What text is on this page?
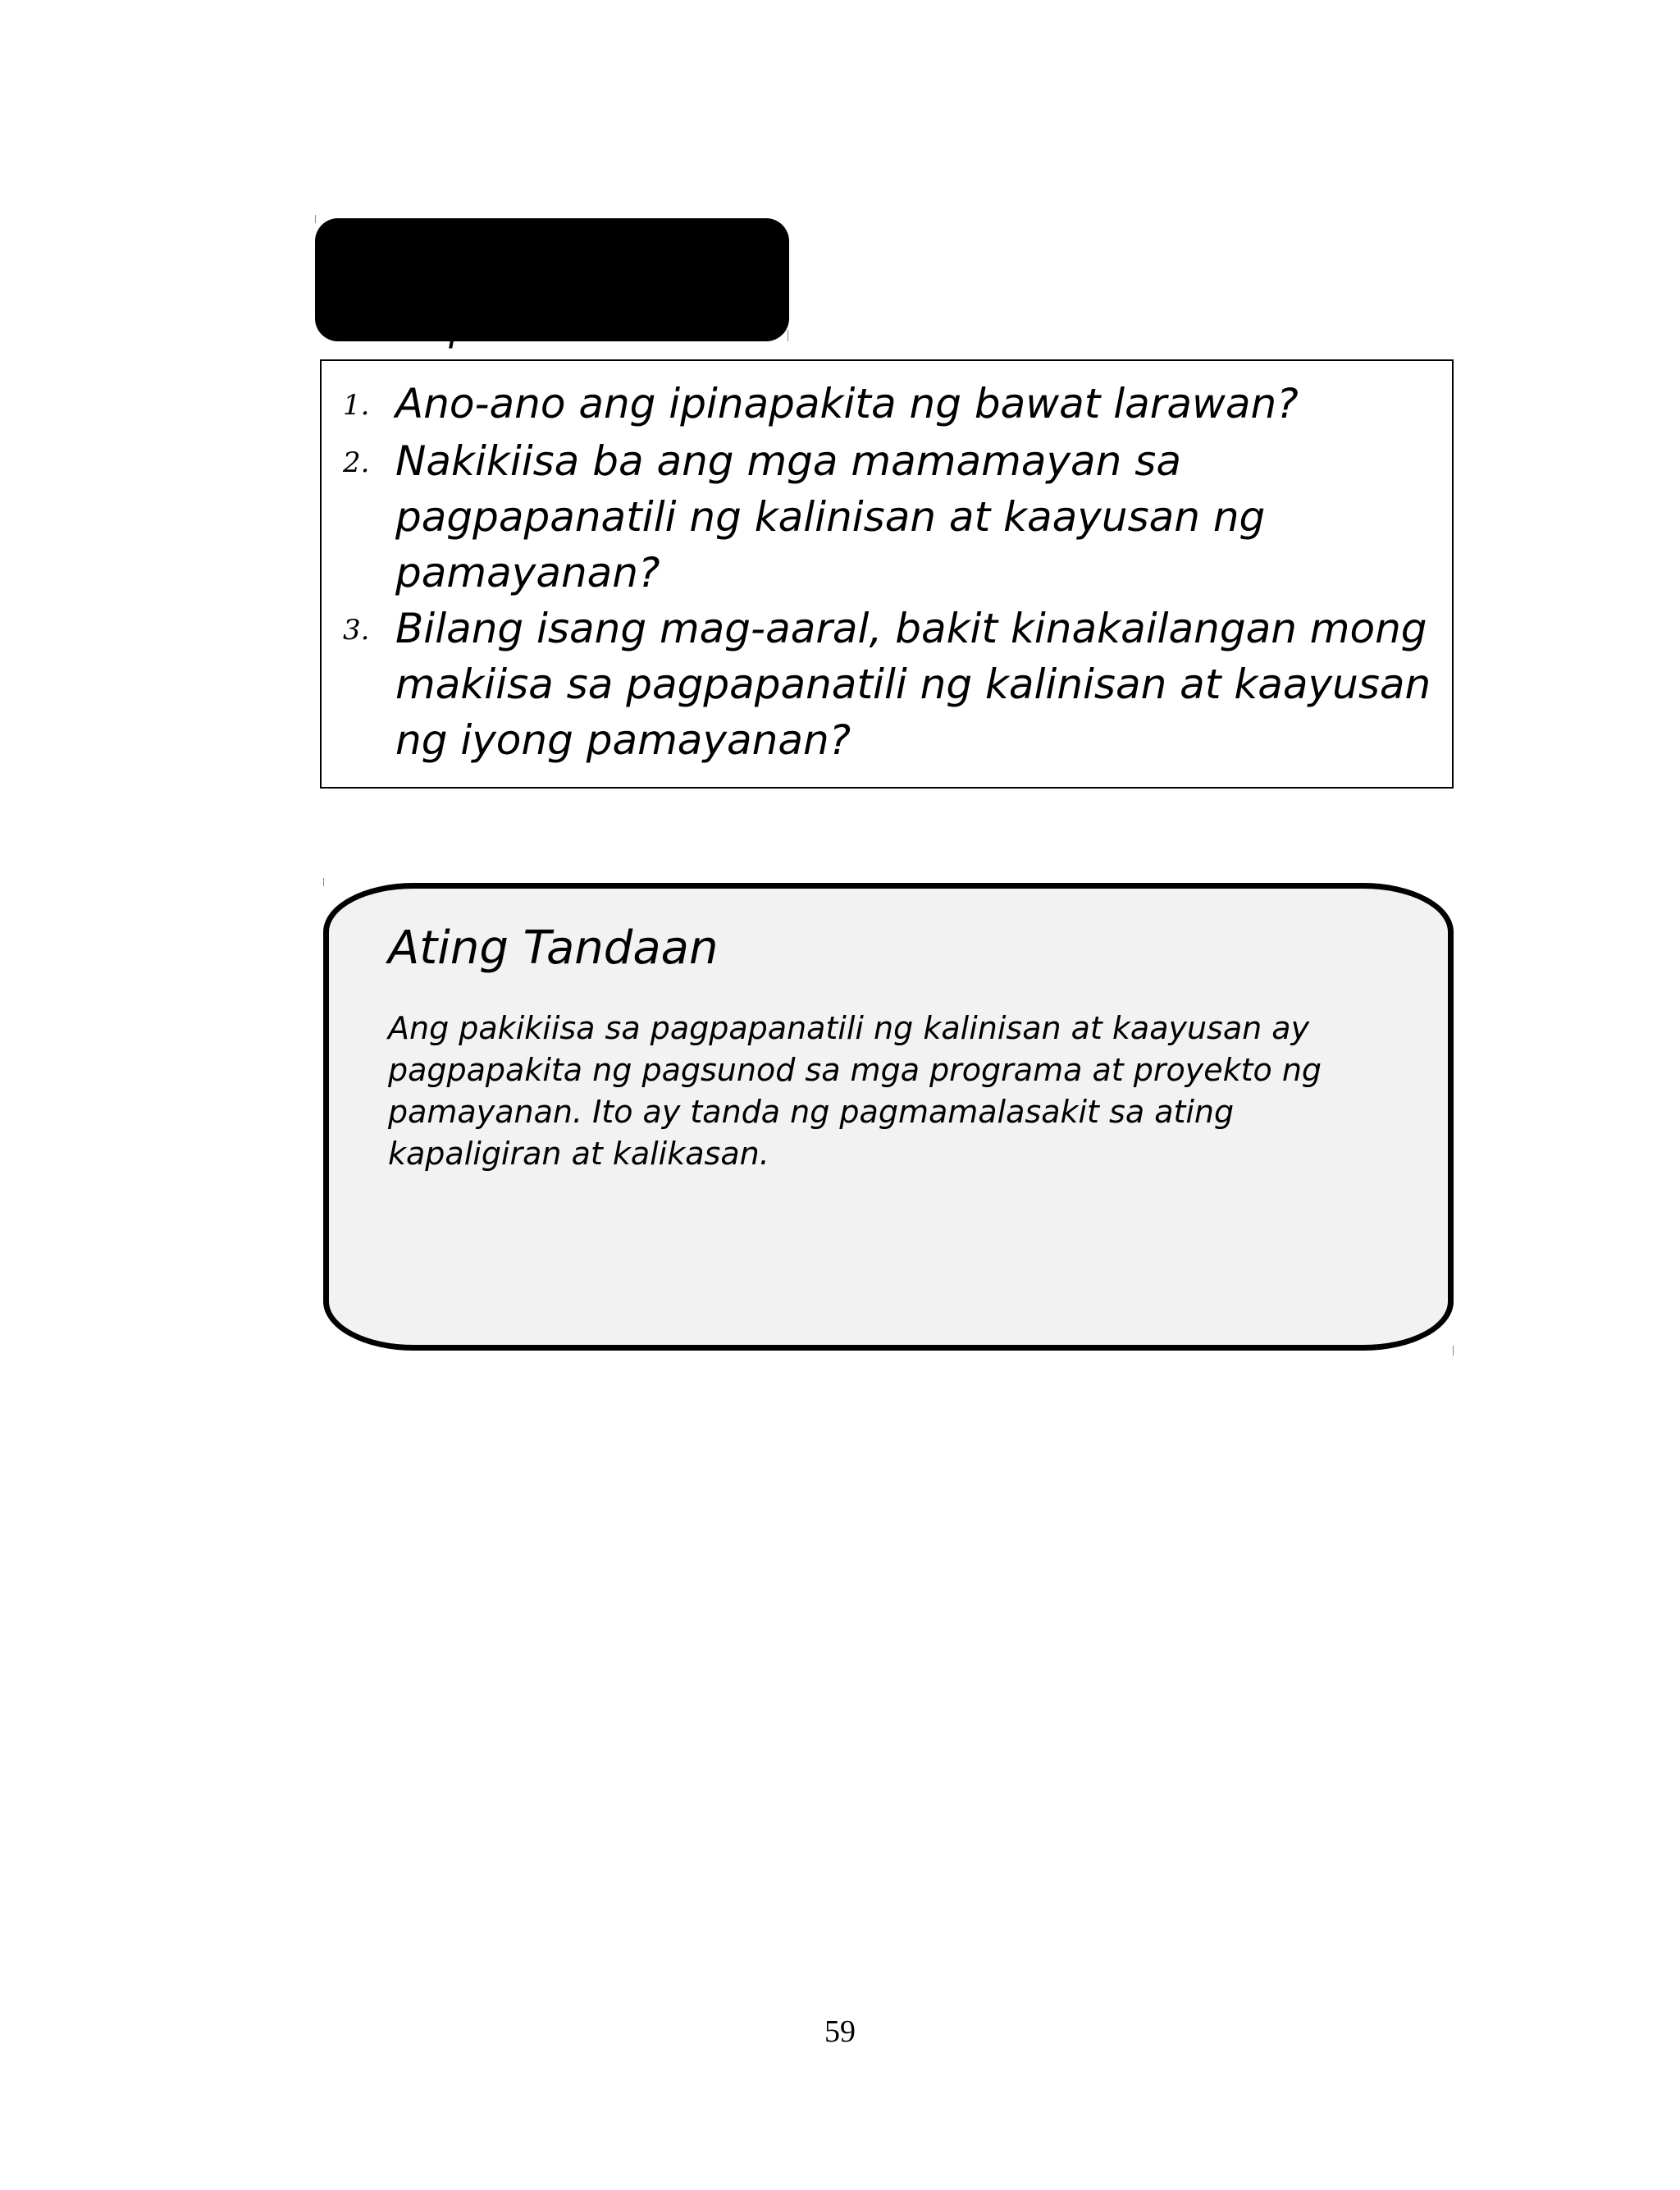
Isaisip
1. Ano-ano ang ipinapakita ng bawat larawan?
2. Nakikiisa ba ang mga mamamayan sa pagpapanatili ng kalinisan at kaayusan ng pamayanan?
3. Bilang isang mag-aaral, bakit kinakailangan mong makiisa sa pagpapanatili ng kalinisan at kaayusan ng iyong pamayanan?
Ating Tandaan

Ang pakikiisa sa pagpapanatili ng kalinisan at kaayusan ay pagpapakita ng pagsunod sa mga programa at proyekto ng pamayanan. Ito ay tanda ng pagmamalasakit sa ating kapaligiran at kalikasan.

59
